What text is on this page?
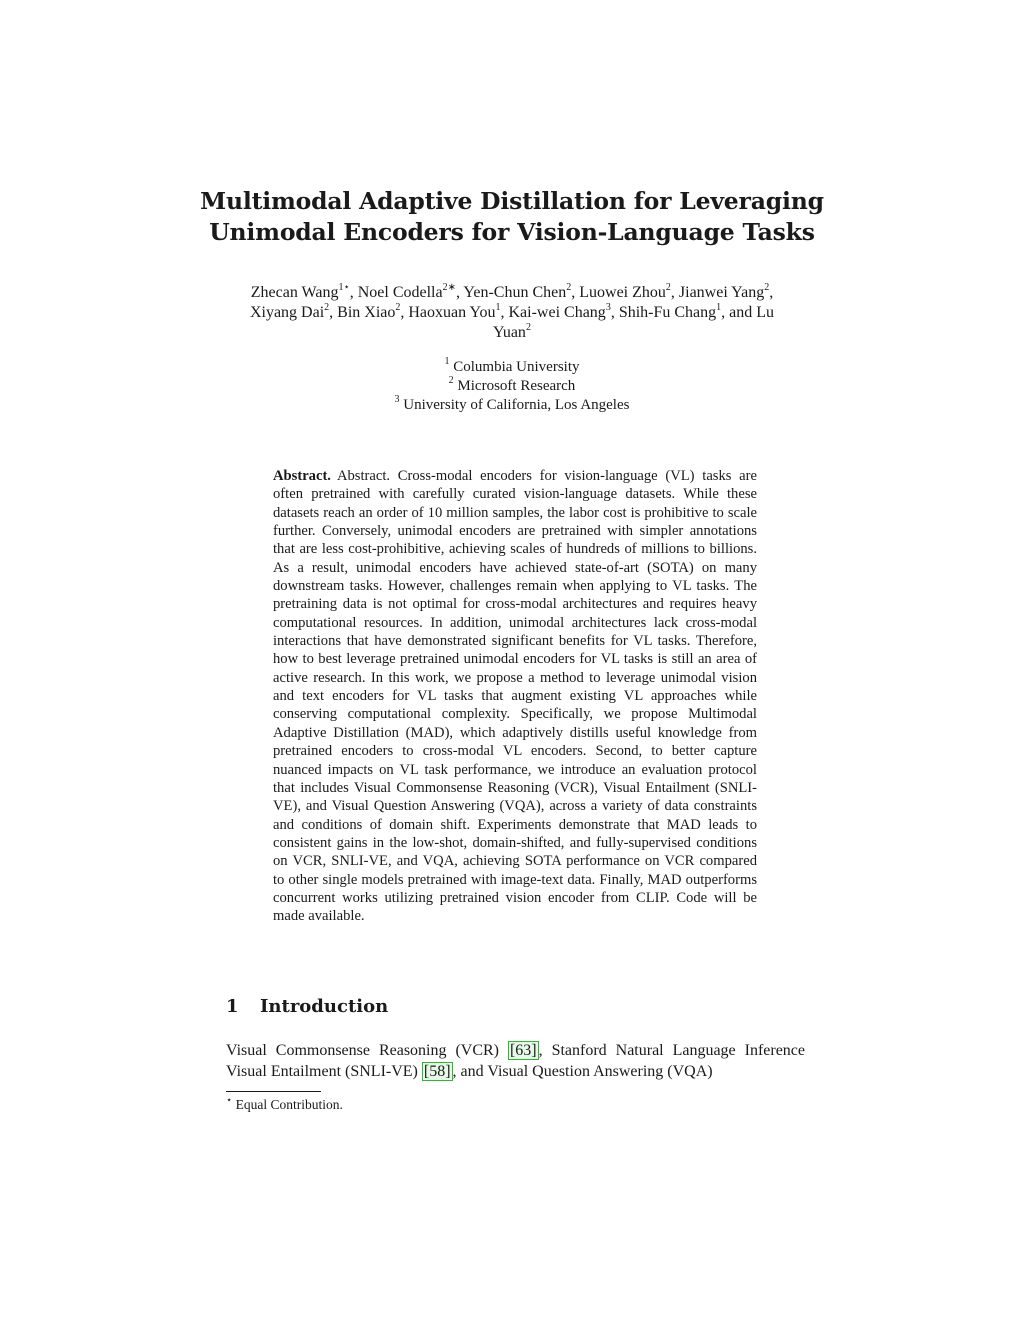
Multimodal Adaptive Distillation for Leveraging
Unimodal Encoders for Vision-Language Tasks
Zhecan Wang$^{1⋆}$, Noel Codella$^{2∗}$, Yen-Chun Chen$^2$, Luowei Zhou$^2$, Jianwei Yang$^2$, Xiyang Dai$^2$, Bin Xiao$^2$, Haoxuan You$^1$, Kai-wei Chang$^3$, Shih-Fu Chang$^1$, and Lu Yuan$^2$
$^1$ Columbia University
$^2$ Microsoft Research
$^3$ University of California, Los Angeles
Abstract. Abstract. Cross-modal encoders for vision-language (VL) tasks are often pretrained with carefully curated vision-language datasets. While these datasets reach an order of 10 million samples, the labor cost is prohibitive to scale further. Conversely, unimodal encoders are pretrained with simpler annotations that are less cost-prohibitive, achieving scales of hundreds of millions to billions. As a result, unimodal encoders have achieved state-of-art (SOTA) on many downstream tasks. However, challenges remain when applying to VL tasks. The pretraining data is not optimal for cross-modal architectures and requires heavy computational resources. In addition, unimodal architectures lack cross-modal interactions that have demonstrated significant benefits for VL tasks. Therefore, how to best leverage pretrained unimodal encoders for VL tasks is still an area of active research. In this work, we propose a method to leverage unimodal vision and text encoders for VL tasks that augment existing VL approaches while conserving computational complexity. Specifically, we propose Multimodal Adaptive Distillation (MAD), which adaptively distills useful knowledge from pretrained encoders to cross-modal VL encoders. Second, to better capture nuanced impacts on VL task performance, we introduce an evaluation protocol that includes Visual Commonsense Reasoning (VCR), Visual Entailment (SNLI-VE), and Visual Question Answering (VQA), across a variety of data constraints and conditions of domain shift. Experiments demonstrate that MAD leads to consistent gains in the low-shot, domain-shifted, and fully-supervised conditions on VCR, SNLI-VE, and VQA, achieving SOTA performance on VCR compared to other single models pretrained with image-text data. Finally, MAD outperforms concurrent works utilizing pretrained vision encoder from CLIP. Code will be made available.
1 Introduction
Visual Commonsense Reasoning (VCR) [63] , Stanford Natural Language Inference Visual Entailment (SNLI-VE) [58] , and Visual Question Answering (VQA)
⋆ Equal Contribution.
